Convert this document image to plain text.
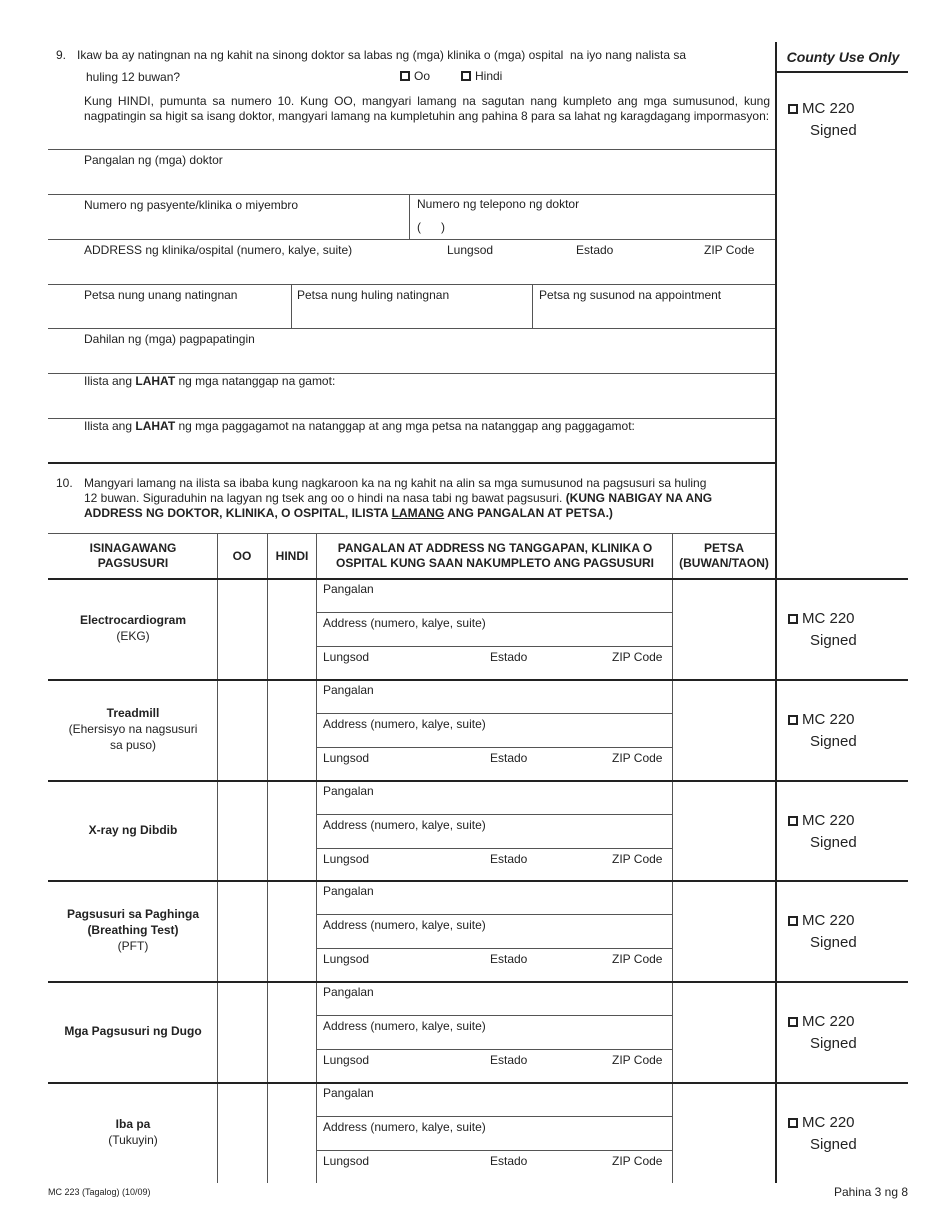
County Use Only
MC 220
Signed
9. Ikaw ba ay natingnan na ng kahit na sinong doktor sa labas ng (mga) klinika o (mga) ospital  na iyo nang nalista sa
huling 12 buwan?	Oo	Hindi
Kung HINDI, pumunta sa numero 10. Kung OO, mangyari lamang na sagutan nang kumpleto ang mga sumusunod, kung nagpatingin sa higit sa isang doktor, mangyari lamang na kumpletuhin ang pahina 8 para sa lahat ng karagdagang impormasyon:
Pangalan ng (mga) doktor
Numero ng pasyente/klinika o miyembro	Numero ng telepono ng doktor
(      )
ADDRESS ng klinika/ospital (numero, kalye, suite)	Lungsod	Estado	ZIP Code
Petsa nung unang natingnan	Petsa nung huling natingnan	Petsa ng susunod na appointment
Dahilan ng (mga) pagpapatingin
Ilista ang LAHAT ng mga natanggap na gamot:
Ilista ang LAHAT ng mga paggagamot na natanggap at ang mga petsa na natanggap ang paggagamot:
10. Mangyari lamang na ilista sa ibaba kung nagkaroon ka na ng kahit na alin sa mga sumusunod na pagsusuri sa huling
12 buwan. Siguraduhin na lagyan ng tsek ang oo o hindi na nasa tabi ng bawat pagsusuri. (KUNG NABIGAY NA ANG
ADDRESS NG DOKTOR, KLINIKA, O OSPITAL, ILISTA LAMANG ANG PANGALAN AT PETSA.)
ISINAGAWANG
PAGSUSURI	OO	HINDI
PANGALAN AT ADDRESS NG TANGGAPAN, KLINIKA O
OSPITAL KUNG SAAN NAKUMPLETO ANG PAGSUSURI
PETSA
(BUWAN/TAON)
Electrocardiogram
(EKG)
Pangalan
Address (numero, kalye, suite)
Lungsod	Estado	ZIP Code
MC 220
Signed
Treadmill
(Ehersisyo na nagsusuri
sa puso)
Pangalan
Address (numero, kalye, suite)
Lungsod	Estado	ZIP Code
MC 220
Signed
X-ray ng Dibdib
Pangalan
Address (numero, kalye, suite)
Lungsod	Estado	ZIP Code
MC 220
Signed
Pagsusuri sa Paghinga
(Breathing Test)
(PFT)
Pangalan
Address (numero, kalye, suite)
Lungsod	Estado	ZIP Code
MC 220
Signed
Mga Pagsusuri ng Dugo
Pangalan
Address (numero, kalye, suite)
Lungsod	Estado	ZIP Code
MC 220
Signed
Iba pa
(Tukuyin)
Pangalan
Address (numero, kalye, suite)
Lungsod	Estado	ZIP Code
MC 220
Signed
MC 223 (Tagalog) (10/09)	Pahina 3 ng 8
